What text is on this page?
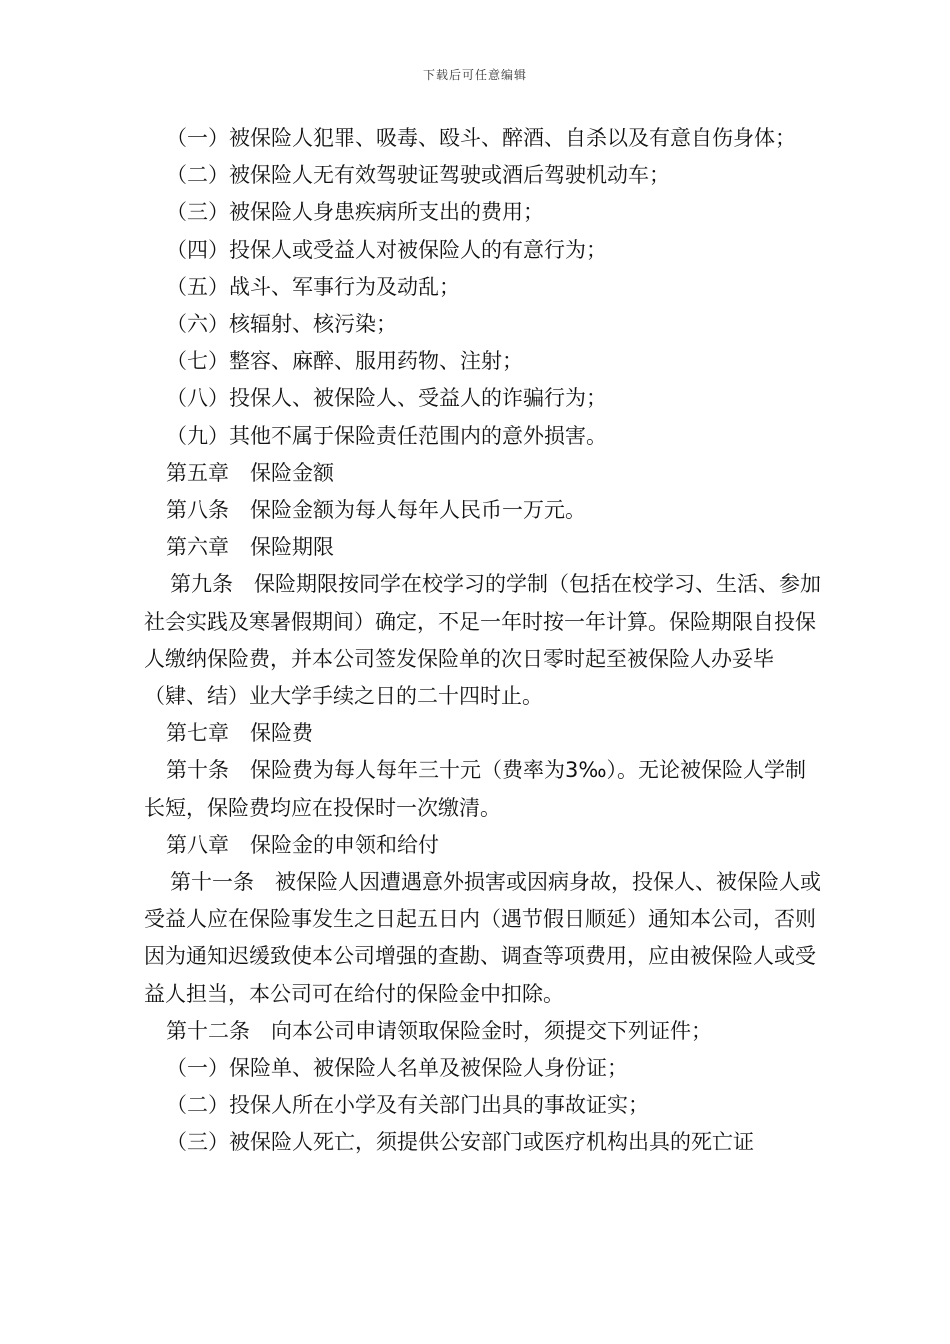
下载后可任意编辑

（一）被保险人犯罪、吸毒、殴斗、醉酒、自杀以及有意自伤身体；

（二）被保险人无有效驾驶证驾驶或酒后驾驶机动车；

（三）被保险人身患疾病所支出的费用；

（四）投保人或受益人对被保险人的有意行为；

（五）战斗、军事行为及动乱；

（六）核辐射、核污染；

（七）整容、麻醉、服用药物、注射；

（八）投保人、被保险人、受益人的诈骗行为；

（九）其他不属于保险责任范围内的意外损害。

第五章　保险金额

第八条　保险金额为每人每年人民币一万元。

第六章　保险期限

第九条　保险期限按同学在校学习的学制（包括在校学习、生活、参加社会实践及寒暑假期间）确定，不足一年时按一年计算。保险期限自投保人缴纳保险费，并本公司签发保险单的次日零时起至被保险人办妥毕（肄、结）业大学手续之日的二十四时止。

第七章　保险费

第十条　保险费为每人每年三十元（费率为3‰）。无论被保险人学制长短，保险费均应在投保时一次缴清。

第八章　保险金的申领和给付

第十一条　被保险人因遭遇意外损害或因病身故，投保人、被保险人或受益人应在保险事发生之日起五日内（遇节假日顺延）通知本公司，否则因为通知迟缓致使本公司增强的查勘、调查等项费用，应由被保险人或受益人担当，本公司可在给付的保险金中扣除。

第十二条　向本公司申请领取保险金时，须提交下列证件；

（一）保险单、被保险人名单及被保险人身份证；

（二）投保人所在小学及有关部门出具的事故证实；

（三）被保险人死亡，须提供公安部门或医疗机构出具的死亡证
